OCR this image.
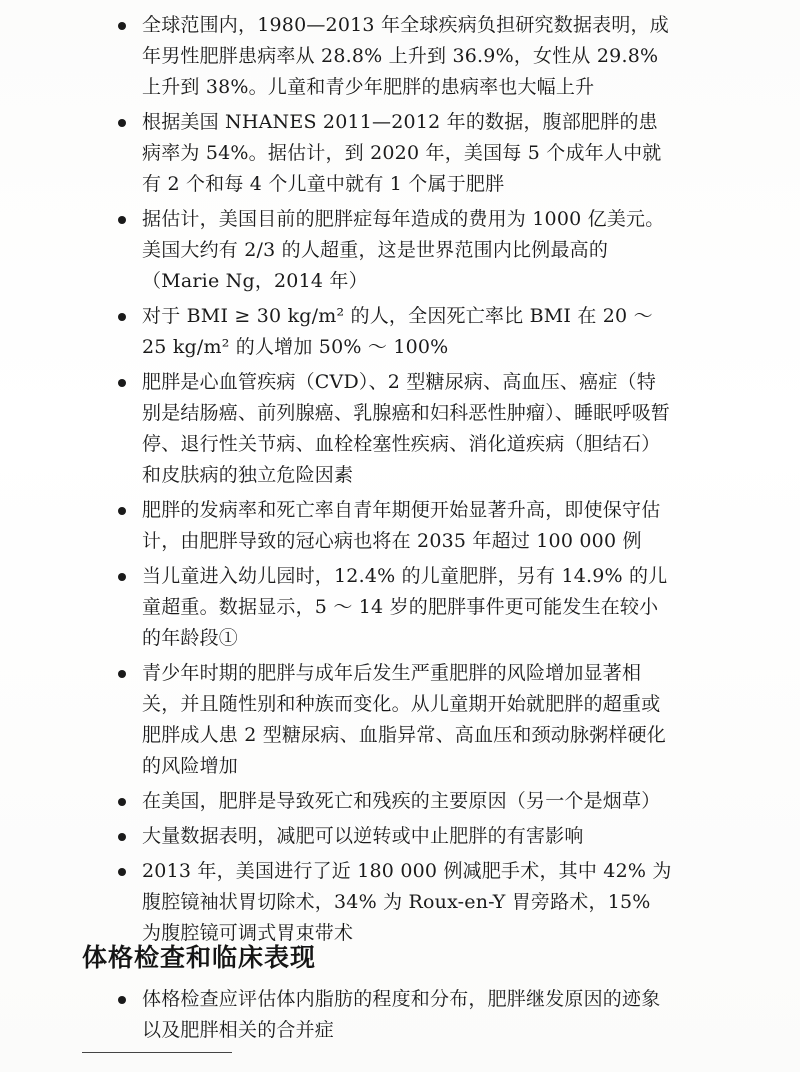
全球范围内，1980—2013 年全球疾病负担研究数据表明，成年男性肥胖患病率从 28.8% 上升到 36.9%，女性从 29.8% 上升到 38%。儿童和青少年肥胖的患病率也大幅上升
根据美国 NHANES 2011—2012 年的数据，腹部肥胖的患病率为 54%。据估计，到 2020 年，美国每 5 个成年人中就有 2 个和每 4 个儿童中就有 1 个属于肥胖
据估计，美国目前的肥胖症每年造成的费用为 1000 亿美元。美国大约有 2/3 的人超重，这是世界范围内比例最高的（Marie Ng，2014 年）
对于 BMI ≥ 30 kg/m² 的人，全因死亡率比 BMI 在 20 ～ 25 kg/m² 的人增加 50% ～ 100%
肥胖是心血管疾病（CVD）、2 型糖尿病、高血压、癌症（特别是结肠癌、前列腺癌、乳腺癌和妇科恶性肿瘤）、睡眠呼吸暂停、退行性关节病、血栓栓塞性疾病、消化道疾病（胆结石）和皮肤病的独立危险因素
肥胖的发病率和死亡率自青年期便开始显著升高，即使保守估计，由肥胖导致的冠心病也将在 2035 年超过 100 000 例
当儿童进入幼儿园时，12.4% 的儿童肥胖，另有 14.9% 的儿童超重。数据显示，5 ～ 14 岁的肥胖事件更可能发生在较小的年龄段①
青少年时期的肥胖与成年后发生严重肥胖的风险增加显著相关，并且随性别和种族而变化。从儿童期开始就肥胖的超重或肥胖成人患 2 型糖尿病、血脂异常、高血压和颈动脉粥样硬化的风险增加
在美国，肥胖是导致死亡和残疾的主要原因（另一个是烟草）
大量数据表明，减肥可以逆转或中止肥胖的有害影响
2013 年，美国进行了近 180 000 例减肥手术，其中 42% 为腹腔镜袖状胃切除术，34% 为 Roux-en-Y 胃旁路术，15% 为腹腔镜可调式胃束带术
体格检查和临床表现
体格检查应评估体内脂肪的程度和分布，肥胖继发原因的迹象以及肥胖相关的合并症
